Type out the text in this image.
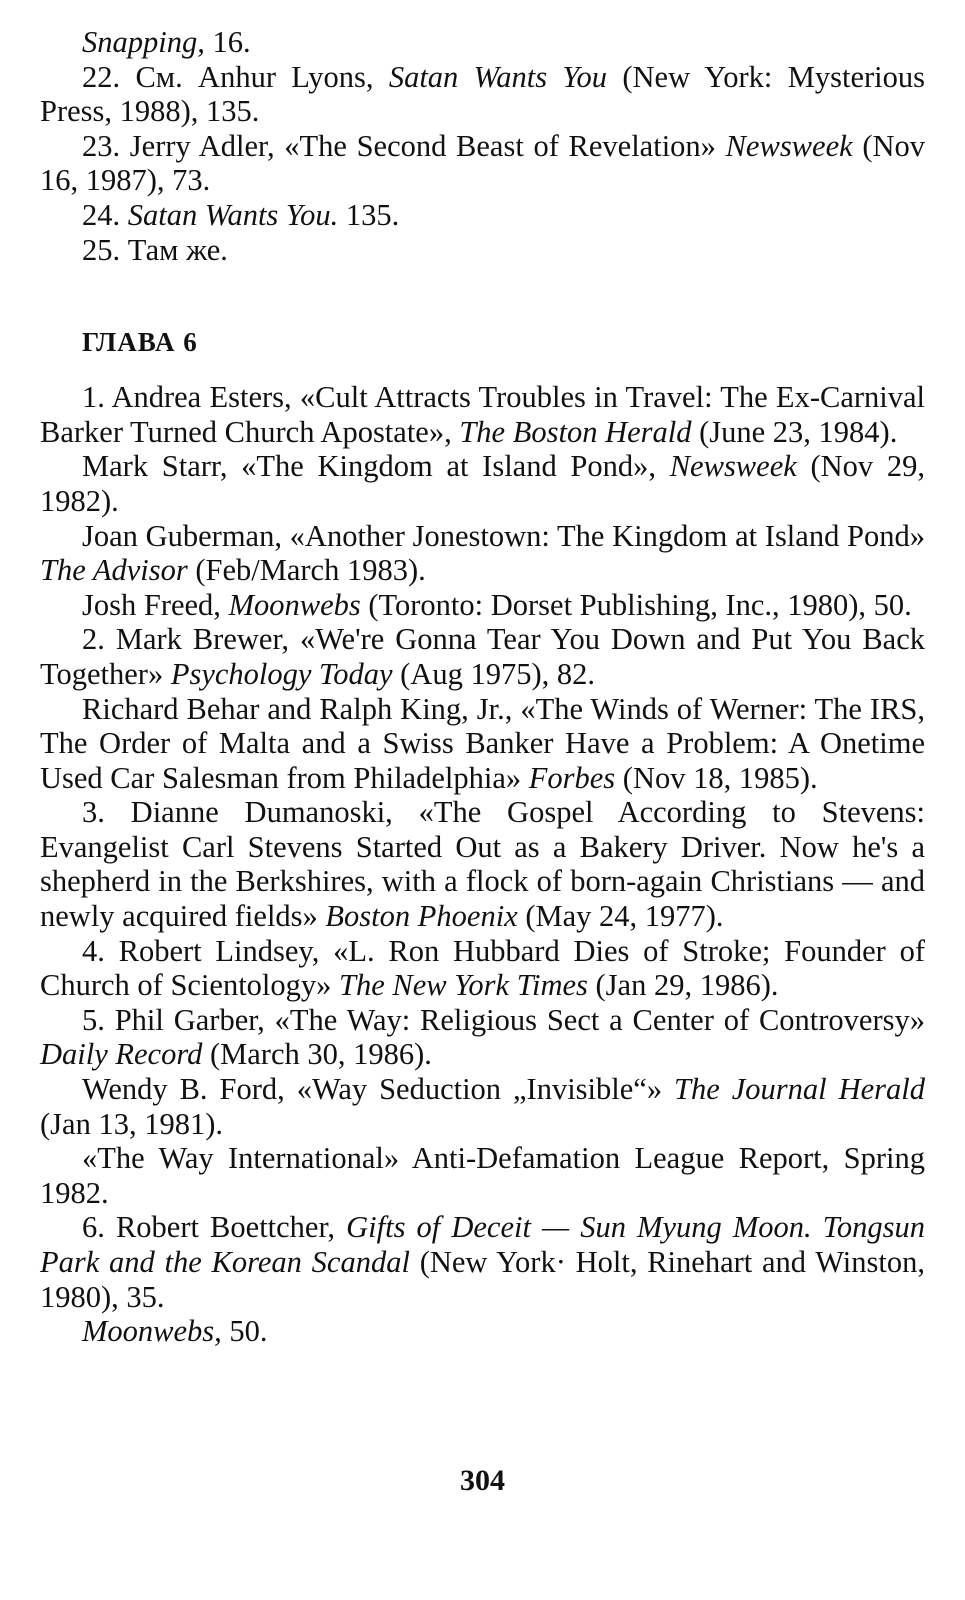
Snapping, 16.

22. См. Anhur Lyons, Satan Wants You (New York: Mysterious Press, 1988), 135.

23. Jerry Adler, «The Second Beast of Revelation» Newsweek (Nov 16, 1987), 73.

24. Satan Wants You. 135.

25. Там же.

ГЛАВА 6

1. Andrea Esters, «Cult Attracts Troubles in Travel: The Ex-Carnival Barker Turned Church Apostate», The Boston Herald (June 23, 1984).

Mark Starr, «The Kingdom at Island Pond», Newsweek (Nov 29, 1982).

Joan Guberman, «Another Jonestown: The Kingdom at Island Pond» The Advisor (Feb/March 1983).

Josh Freed, Moonwebs (Toronto: Dorset Publishing, Inc., 1980), 50.

2. Mark Brewer, «We're Gonna Tear You Down and Put You Back Together» Psychology Today (Aug 1975), 82.

Richard Behar and Ralph King, Jr., «The Winds of Werner: The IRS, The Order of Malta and a Swiss Banker Have a Problem: A Onetime Used Car Salesman from Philadelphia» Forbes (Nov 18, 1985).

3. Dianne Dumanoski, «The Gospel According to Stevens: Evangelist Carl Stevens Started Out as a Bakery Driver. Now he's a shepherd in the Berkshires, with a flock of born-again Christians — and newly acquired fields» Boston Phoenix (May 24, 1977).

4. Robert Lindsey, «L. Ron Hubbard Dies of Stroke; Founder of Church of Scientology» The New York Times (Jan 29, 1986).

5. Phil Garber, «The Way: Religious Sect a Center of Controversy» Daily Record (March 30, 1986).

Wendy B. Ford, «Way Seduction „Invisible“» The Journal Herald (Jan 13, 1981).

«The Way International» Anti-Defamation League Report, Spring 1982.

6. Robert Boettcher, Gifts of Deceit — Sun Myung Moon. Tongsun Park and the Korean Scandal (New York· Holt, Rinehart and Winston, 1980), 35.

Moonwebs, 50.

304
